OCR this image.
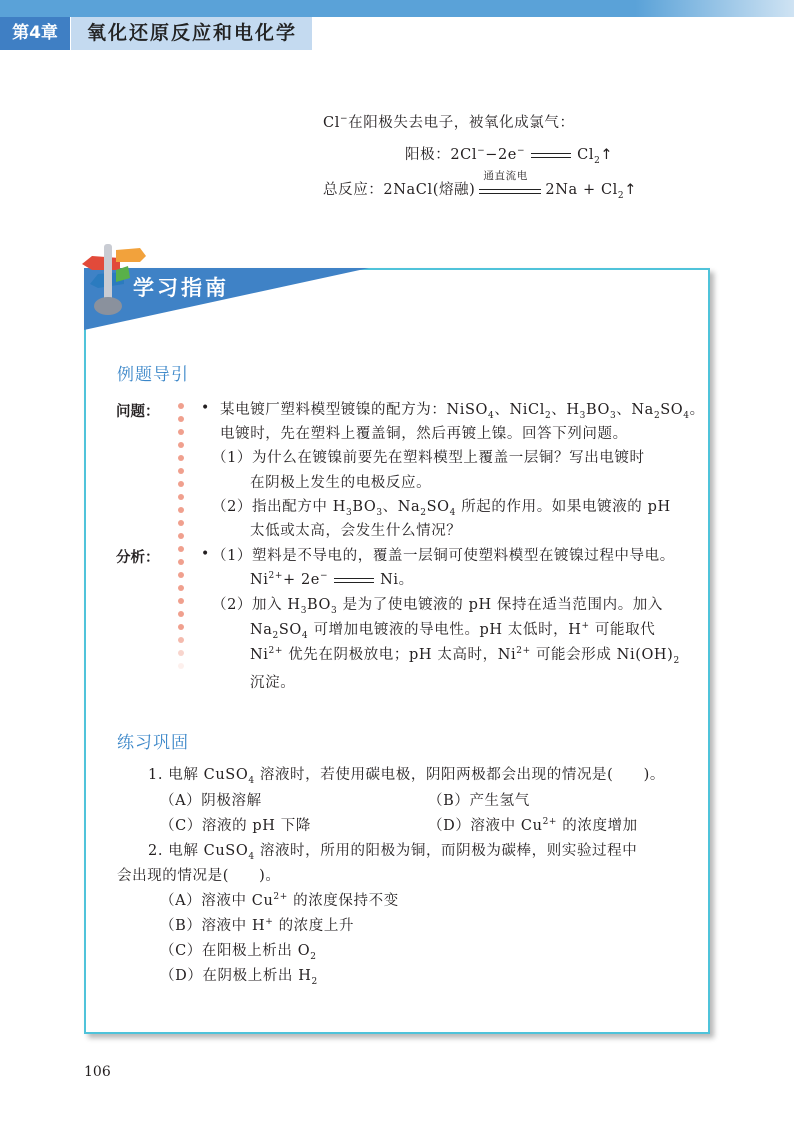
第4章	氧化还原反应和电化学
Cl−在阳极失去电子，被氧化成氯气：
阳极：2Cl−−2e−	$Cl_2↑$
总反应：2NaCl(熔融)
通直流电
$2Na + Cl_2↑$
学习指南
例题导引
问题：
分析：
•
•
某电镀厂塑料模型镀镍的配方为：NiSO$_4$、NiCl$_2$、$H_3BO_3$、$Na_2SO_4$。
电镀时，先在塑料上覆盖铜，然后再镀上镍。回答下列问题。
（1）为什么在镀镍前要先在塑料模型上覆盖一层铜？写出电镀时
在阴极上发生的电极反应。
（2）指出配方中 $H_3BO_3$、$Na_2SO_4$ 所起的作用。如果电镀液的 pH
太低或太高，会发生什么情况？
（1）塑料是不导电的，覆盖一层铜可使塑料模型在镀镍过程中导电。
$Ni^{2+}+ 2e^-$	Ni。
（2）加入 $H_3BO_3$ 是为了使电镀液的 pH 保持在适当范围内。加入
$Na_2SO_4$ 可增加电镀液的导电性。pH 太低时，H+ 可能取代
$Ni^{2+}$ 优先在阴极放电；pH 太高时，$Ni^{2+}$ 可能会形成 $Ni(OH)_2$
沉淀。
练习巩固
1. 电解 CuSO$_4$ 溶液时，若使用碳电极，阴阳两极都会出现的情况是(　　)。
（A）阴极溶解	（B）产生氢气
（C）溶液的 pH 下降	（D）溶液中 $Cu^{2+}$ 的浓度增加
2. 电解 CuSO$_4$ 溶液时，所用的阳极为铜，而阴极为碳棒，则实验过程中
会出现的情况是(　　)。
（A）溶液中 $Cu^{2+}$ 的浓度保持不变
（B）溶液中 H+ 的浓度上升
（C）在阳极上析出 $O_2$
（D）在阴极上析出 $H_2$
106
